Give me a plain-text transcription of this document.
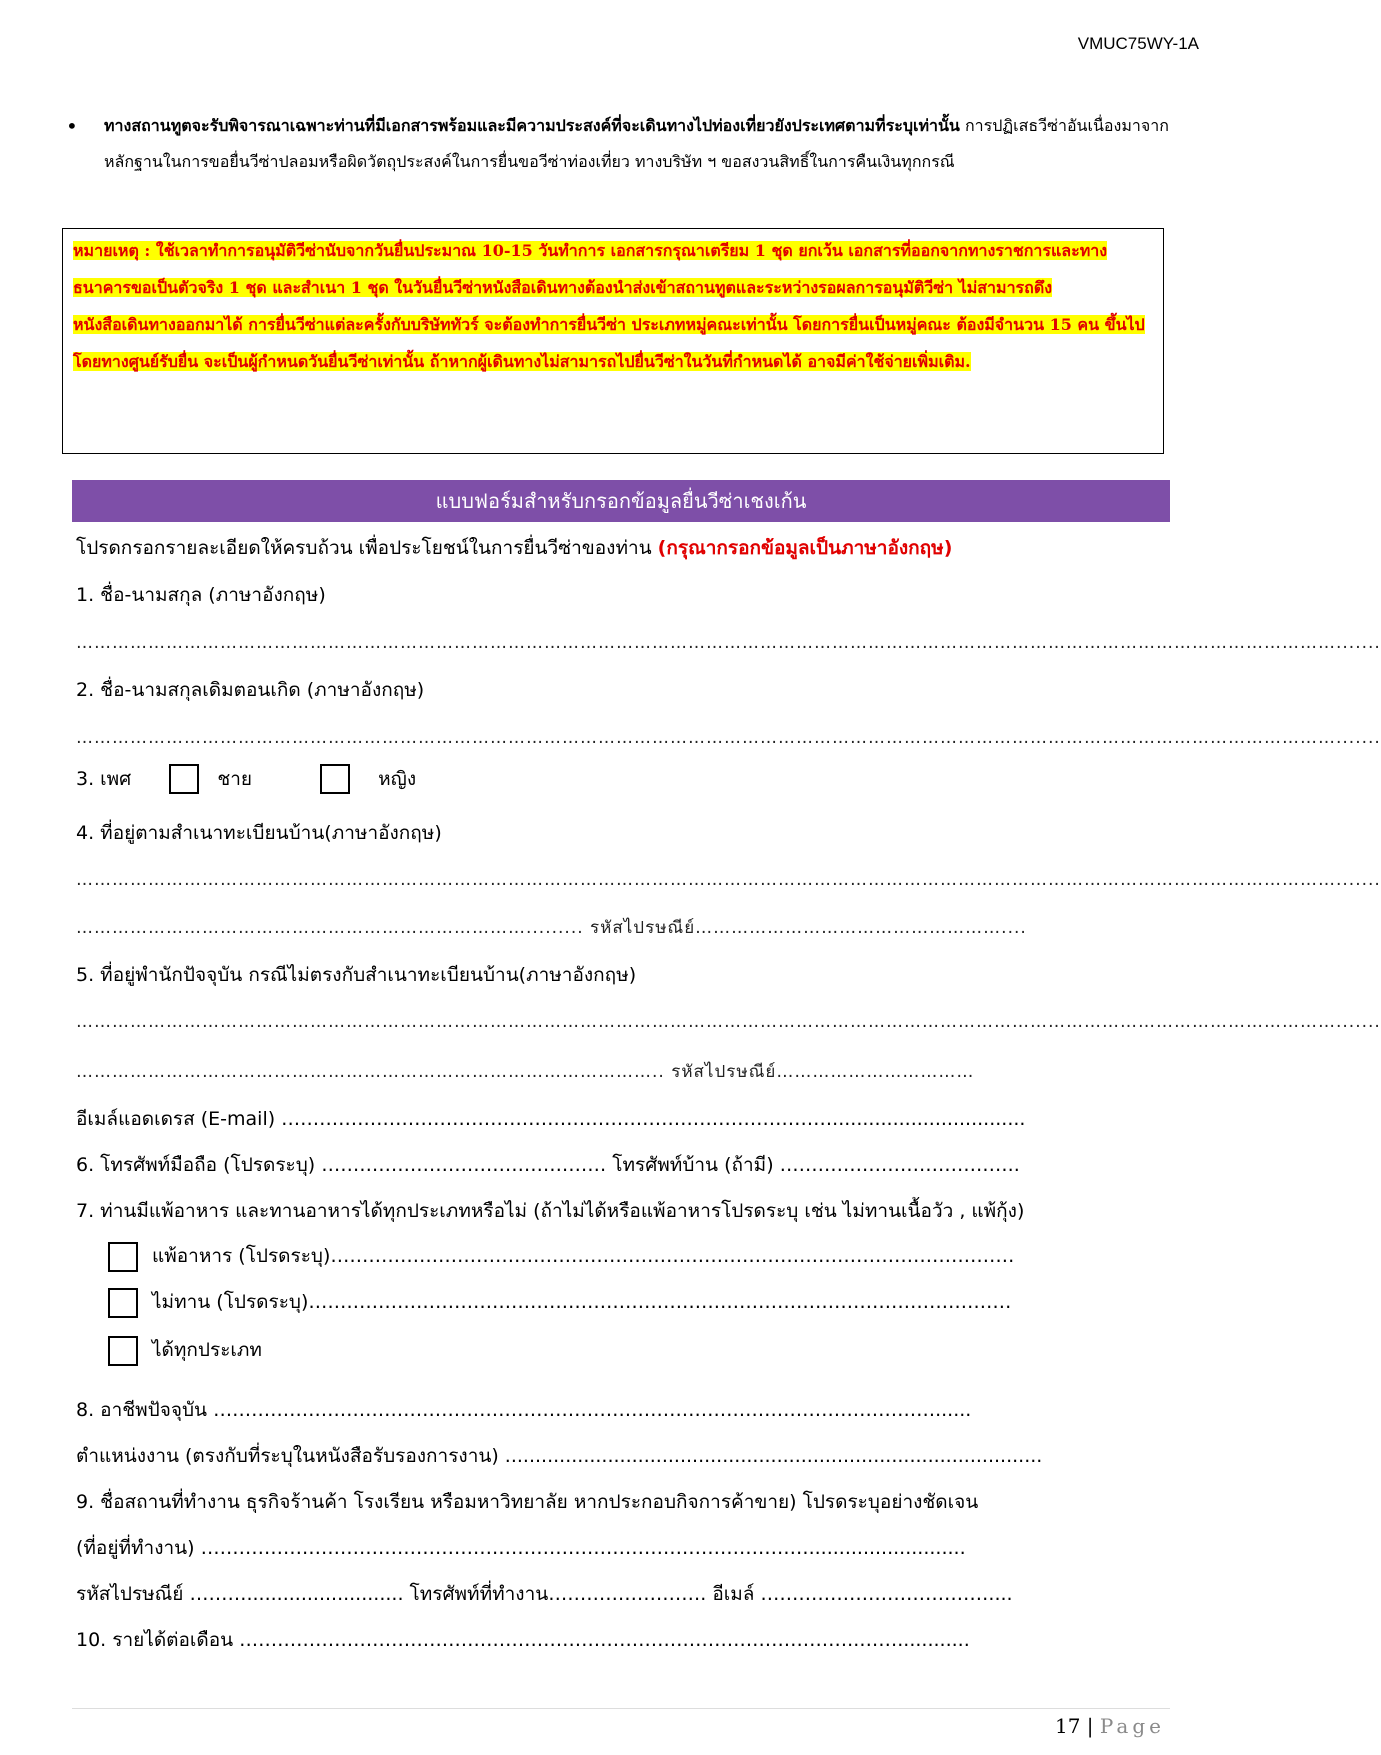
VMUC75WY-1A
• ทางสถานทูตจะรับพิจารณาเฉพาะท่านที่มีเอกสารพร้อมและมีความประสงค์ที่จะเดินทางไปท่องเที่ยวยังประเทศตามที่ระบุเท่านั้น การปฏิเสธวีซ่าอันเนื่องมาจากหลักฐานในการขอยื่นวีซ่าปลอมหรือผิดวัตถุประสงค์ในการยื่นขอวีซ่าท่องเที่ยว ทางบริษัท ฯ ขอสงวนสิทธิ์ในการคืนเงินทุกกรณี
หมายเหตุ : ใช้เวลาทำการอนุมัติวีซ่านับจากวันยื่นประมาณ 10-15 วันทำการ เอกสารกรุณาเตรียม 1 ชุด ยกเว้น เอกสารที่ออกจากทางราชการและทางธนาคารขอเป็นตัวจริง 1 ชุด และสำเนา 1 ชุด ในวันยื่นวีซ่าหนังสือเดินทางต้องนำส่งเข้าสถานทูตและระหว่างรอผลการอนุมัติวีซ่า ไม่สามารถดึงหนังสือเดินทางออกมาได้ การยื่นวีซ่าแต่ละครั้งกับบริษัททัวร์ จะต้องทำการยื่นวีซ่า ประเภทหมู่คณะเท่านั้น โดยการยื่นเป็นหมู่คณะ ต้องมีจำนวน 15 คน ขึ้นไป โดยทางศูนย์รับยื่น จะเป็นผู้กำหนดวันยื่นวีซ่าเท่านั้น ถ้าหากผู้เดินทางไม่สามารถไปยื่นวีซ่าในวันที่กำหนดได้ อาจมีค่าใช้จ่ายเพิ่มเติม.
แบบฟอร์มสำหรับกรอกข้อมูลยื่นวีซ่าเชงเก้น
โปรดกรอกรายละเอียดให้ครบถ้วน เพื่อประโยชน์ในการยื่นวีซ่าของท่าน (กรุณากรอกข้อมูลเป็นภาษาอังกฤษ)
1. ชื่อ-นามสกุล (ภาษาอังกฤษ)
………………………………………………………………………………………………………………………………………………………………………………………….......
2. ชื่อ-นามสกุลเดิมตอนเกิด (ภาษาอังกฤษ)
………………………………………………………………………………………………………………………………………………………………………………………….......
3. เพศ	ชาย	หญิง
4. ที่อยู่ตามสำเนาทะเบียนบ้าน(ภาษาอังกฤษ)
………………………………………………………………………………………………………………………………………………………………………………………….......
…………………………………………………………………......... รหัสไปรษณีย์……………………………………………....
5. ที่อยู่พำนักปัจจุบัน กรณีไม่ตรงกับสำเนาทะเบียนบ้าน(ภาษาอังกฤษ)
………………………………………………………………………………………………………………………………………………………………………………………….......
…………………………………………………………………………………….. รหัสไปรษณีย์……………………………
อีเมล์แอดเดรส (E-mail) ……………………………………………………………………………................................
6. โทรศัพท์มือถือ (โปรดระบุ) ……………………………………… โทรศัพท์บ้าน (ถ้ามี) ………………………………..
7. ท่านมีแพ้อาหาร และทานอาหารได้ทุกประเภทหรือไม่ (ถ้าไม่ได้หรือแพ้อาหารโปรดระบุ เช่น ไม่ทานเนื้อวัว , แพ้กุ้ง)
แพ้อาหาร (โปรดระบุ)………………………………………………………………………………………………
ไม่ทาน (โปรดระบุ)…………………………………………………………………………………………………
ได้ทุกประเภท
8. อาชีพปัจจุบัน ……………………………………………………………………………………………………......
ตำแหน่งงาน (ตรงกับที่ระบุในหนังสือรับรองการงาน) .........................................................................................
9. ชื่อสถานที่ทำงาน ธุรกิจร้านค้า โรงเรียน หรือมหาวิทยาลัย หากประกอบกิจการค้าขาย) โปรดระบุอย่างชัดเจน
(ที่อยู่ที่ทำงาน) ……………………………………………………………………………………..........................
รหัสไปรษณีย์ ……….......................... โทรศัพท์ที่ทำงาน……………………. อีเมล์ ………………………………....
10. รายได้ต่อเดือน ……………………………………………………………………………………..……............
17 | Page
